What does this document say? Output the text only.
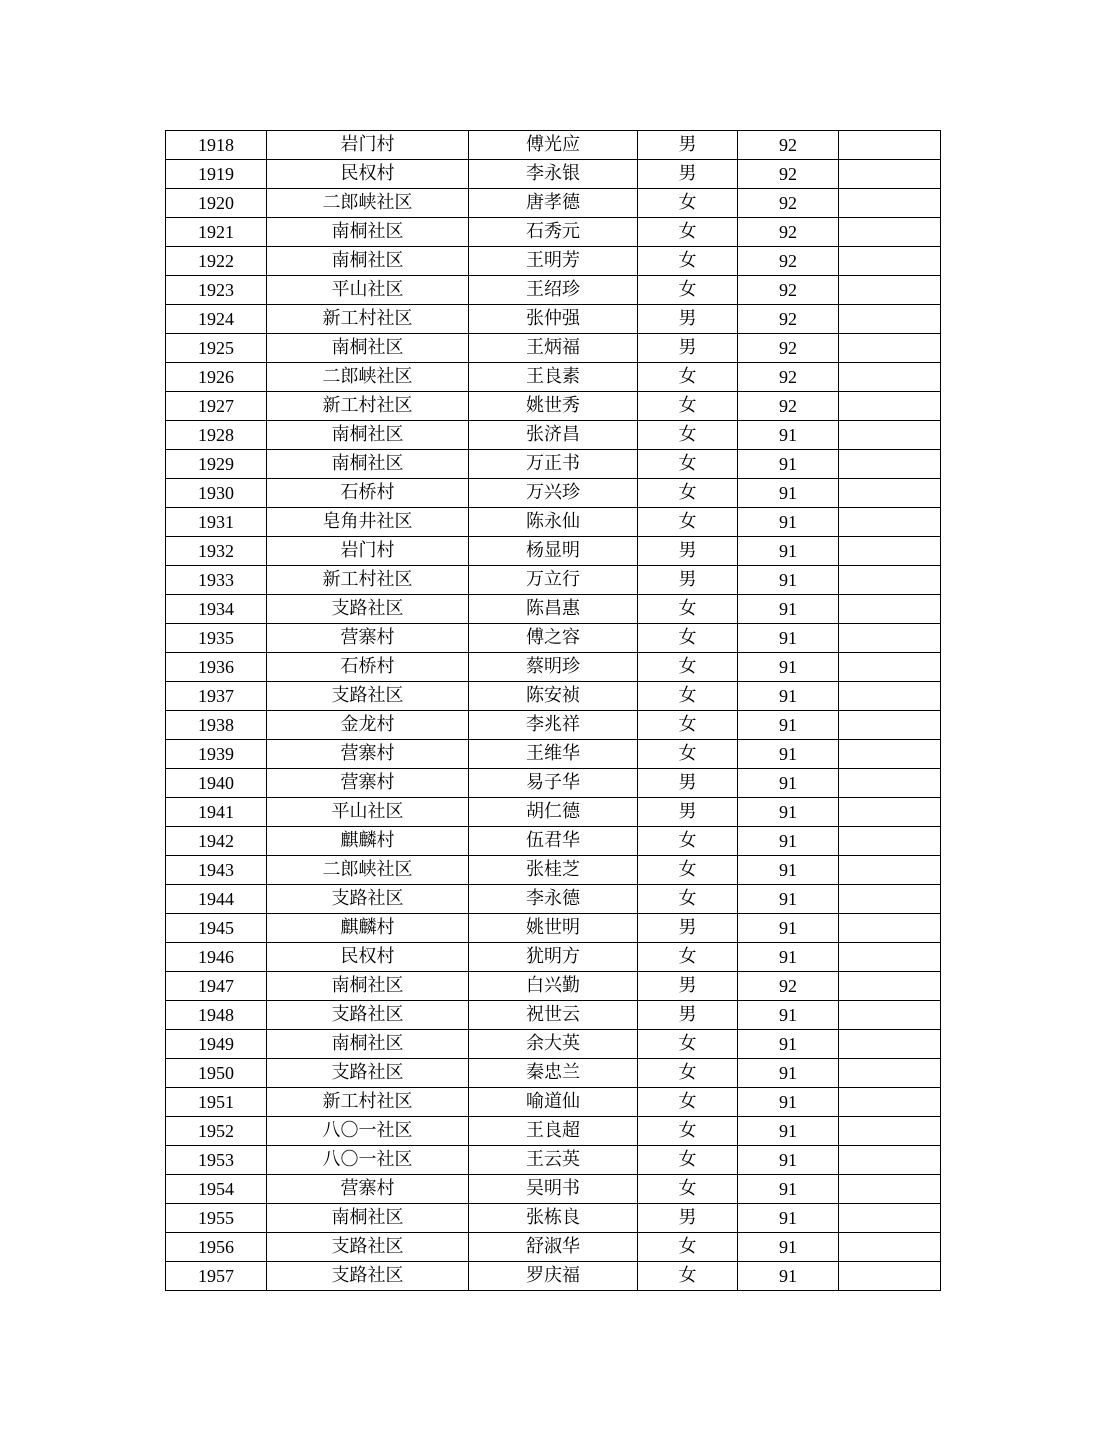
1918	岩门村	傅光应	男	92	
1919	民权村	李永银	男	92	
1920	二郎峡社区	唐孝德	女	92	
1921	南桐社区	石秀元	女	92	
1922	南桐社区	王明芳	女	92	
1923	平山社区	王绍珍	女	92	
1924	新工村社区	张仲强	男	92	
1925	南桐社区	王炳福	男	92	
1926	二郎峡社区	王良素	女	92	
1927	新工村社区	姚世秀	女	92	
1928	南桐社区	张济昌	女	91	
1929	南桐社区	万正书	女	91	
1930	石桥村	万兴珍	女	91	
1931	皂角井社区	陈永仙	女	91	
1932	岩门村	杨显明	男	91	
1933	新工村社区	万立行	男	91	
1934	支路社区	陈昌惠	女	91	
1935	营寨村	傅之容	女	91	
1936	石桥村	蔡明珍	女	91	
1937	支路社区	陈安祯	女	91	
1938	金龙村	李兆祥	女	91	
1939	营寨村	王维华	女	91	
1940	营寨村	易子华	男	91	
1941	平山社区	胡仁德	男	91	
1942	麒麟村	伍君华	女	91	
1943	二郎峡社区	张桂芝	女	91	
1944	支路社区	李永德	女	91	
1945	麒麟村	姚世明	男	91	
1946	民权村	犹明方	女	91	
1947	南桐社区	白兴勤	男	92	
1948	支路社区	祝世云	男	91	
1949	南桐社区	余大英	女	91	
1950	支路社区	秦忠兰	女	91	
1951	新工村社区	喻道仙	女	91	
1952	八〇一社区	王良超	女	91	
1953	八〇一社区	王云英	女	91	
1954	营寨村	吴明书	女	91	
1955	南桐社区	张栋良	男	91	
1956	支路社区	舒淑华	女	91	
1957	支路社区	罗庆福	女	91	
